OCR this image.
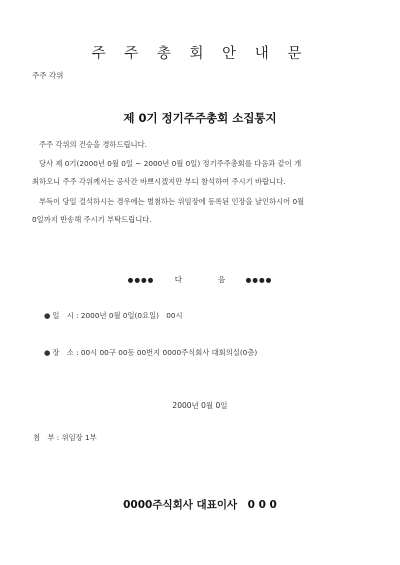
주 주 총 회 안 내 문
주주 각위
제 0기 정기주주총회 소집통지
주주 각위의 건승을 경하드립니다.
당사 제 0기(2000년 0월 0일 ~ 2000년 0월 0일) 정기주주총회를 다음과 같이 개
최하오니 주주 각위께서는 공사간 바쁘시겠지만 부디 참석하여 주시기 바랍니다.
부득이 당일 결석하시는 경우에는 별첨하는 위임장에 등록된 인장을 날인하시어 0월
0일까지 반송해 주시기 부탁드립니다.
●●●●	다	음	●●●●
● 일　시 : 2000년 0월 0일(0요일)　00시
● 장　소 : 00시 00구 00동 00번지 0000주식회사 대회의실(0층)
2000년 0월 0일
첨　부 : 위임장 1부
0000주식회사 대표이사　0 0 0
